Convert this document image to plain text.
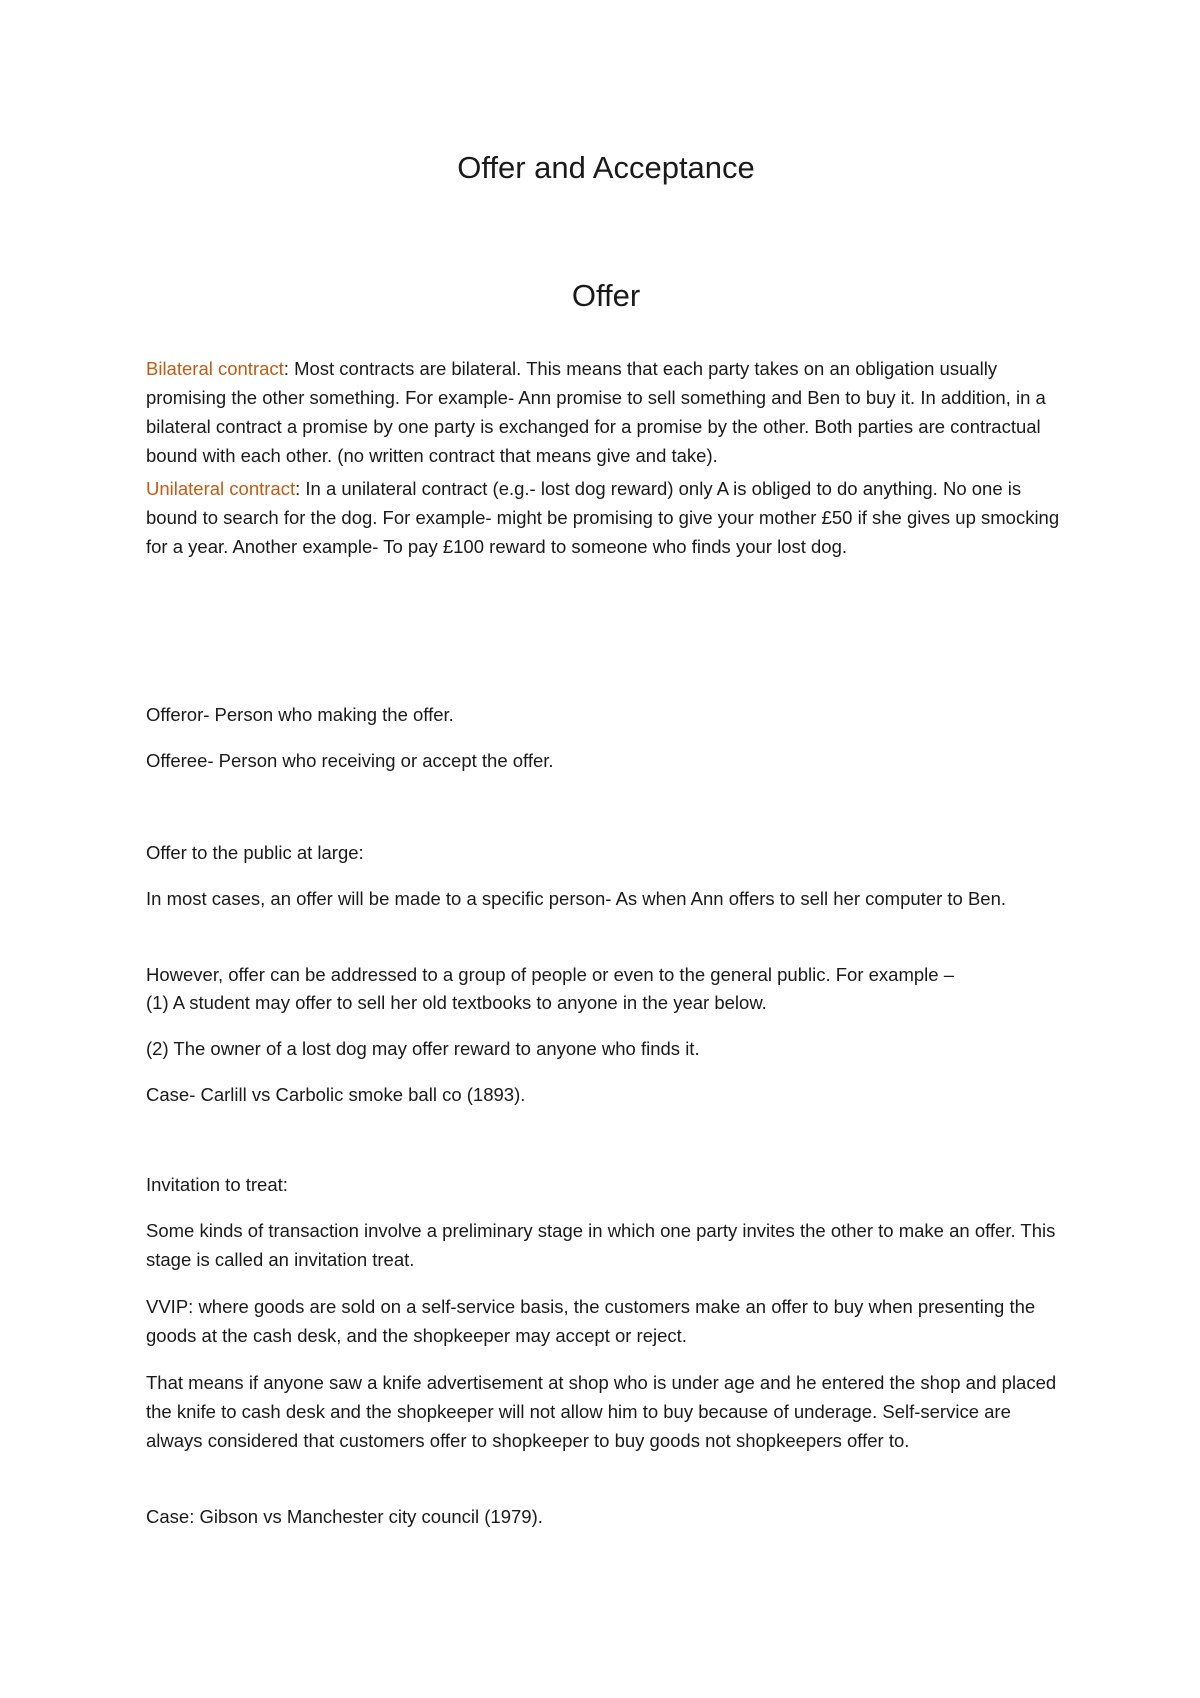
Offer and Acceptance
Offer

Bilateral contract: Most contracts are bilateral. This means that each party takes on an obligation usually promising the other something. For example- Ann promise to sell something and Ben to buy it. In addition, in a bilateral contract a promise by one party is exchanged for a promise by the other. Both parties are contractual bound with each other. (no written contract that means give and take).

Unilateral contract: In a unilateral contract (e.g.- lost dog reward) only A is obliged to do anything. No one is bound to search for the dog. For example- might be promising to give your mother £50 if she gives up smocking for a year. Another example- To pay £100 reward to someone who finds your lost dog.

Offeror- Person who making the offer.

Offeree- Person who receiving or accept the offer.

Offer to the public at large:

In most cases, an offer will be made to a specific person- As when Ann offers to sell her computer to Ben.

However, offer can be addressed to a group of people or even to the general public. For example –

(1) A student may offer to sell her old textbooks to anyone in the year below.

(2) The owner of a lost dog may offer reward to anyone who finds it.

Case- Carlill vs Carbolic smoke ball co (1893).

Invitation to treat:

Some kinds of transaction involve a preliminary stage in which one party invites the other to make an offer. This stage is called an invitation treat.

VVIP: where goods are sold on a self-service basis, the customers make an offer to buy when presenting the goods at the cash desk, and the shopkeeper may accept or reject.

That means if anyone saw a knife advertisement at shop who is under age and he entered the shop and placed the knife to cash desk and the shopkeeper will not allow him to buy because of underage. Self-service are always considered that customers offer to shopkeeper to buy goods not shopkeepers offer to.

Case: Gibson vs Manchester city council (1979).
